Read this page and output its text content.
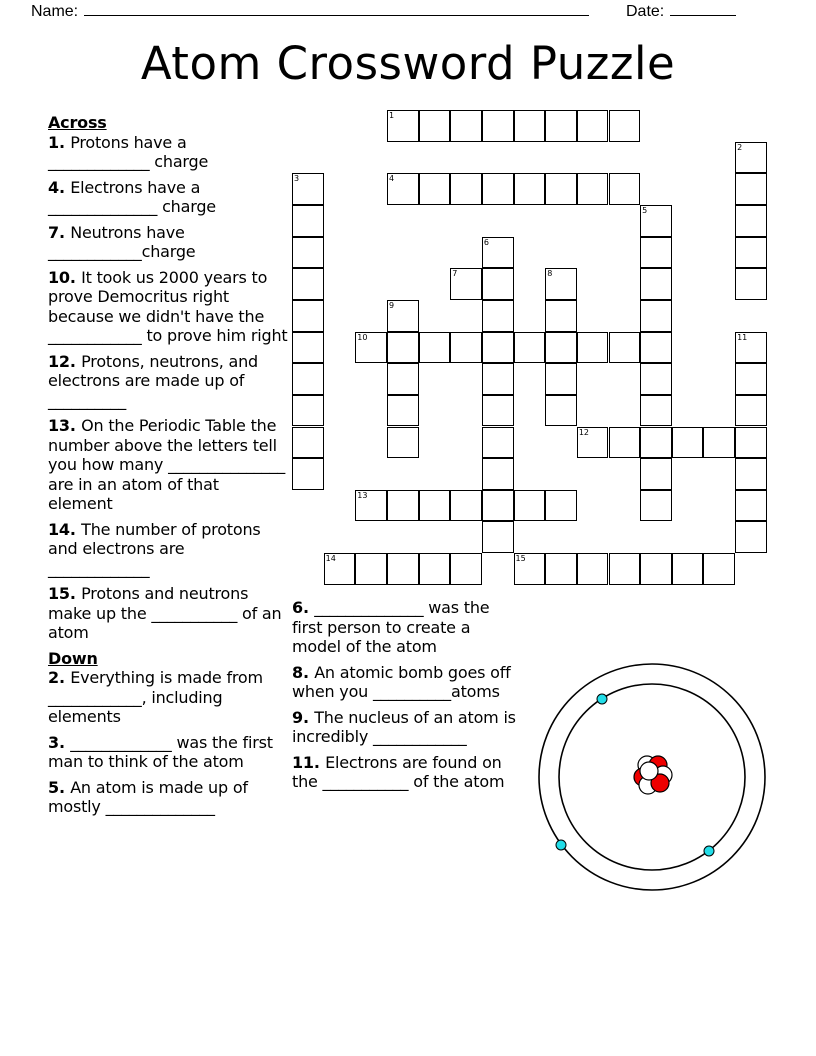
Name:	Date:
Atom Crossword Puzzle
Across
1. Protons have a _____________ charge
4. Electrons have a ______________ charge
7. Neutrons have ____________charge
10. It took us 2000 years to prove Democritus right because we didn't have the ____________ to prove him right
12. Protons, neutrons, and electrons are made up of __________
13. On the Periodic Table the number above the letters tell you how many _______________ are in an atom of that element
14. The number of protons and electrons are _____________
15. Protons and neutrons make up the ___________ of an atom
Down
2. Everything is made from ____________, including elements
3. _____________ was the first man to think of the atom
5. An atom is made up of mostly ______________
6. ______________ was the first person to create a model of the atom
8. An atomic bomb goes off when you __________atoms
9. The nucleus of an atom is incredibly ____________
11. Electrons are found on the ___________ of the atom
1
2
3	4
5
6
7	8
9
10	11
12
13
14	15
